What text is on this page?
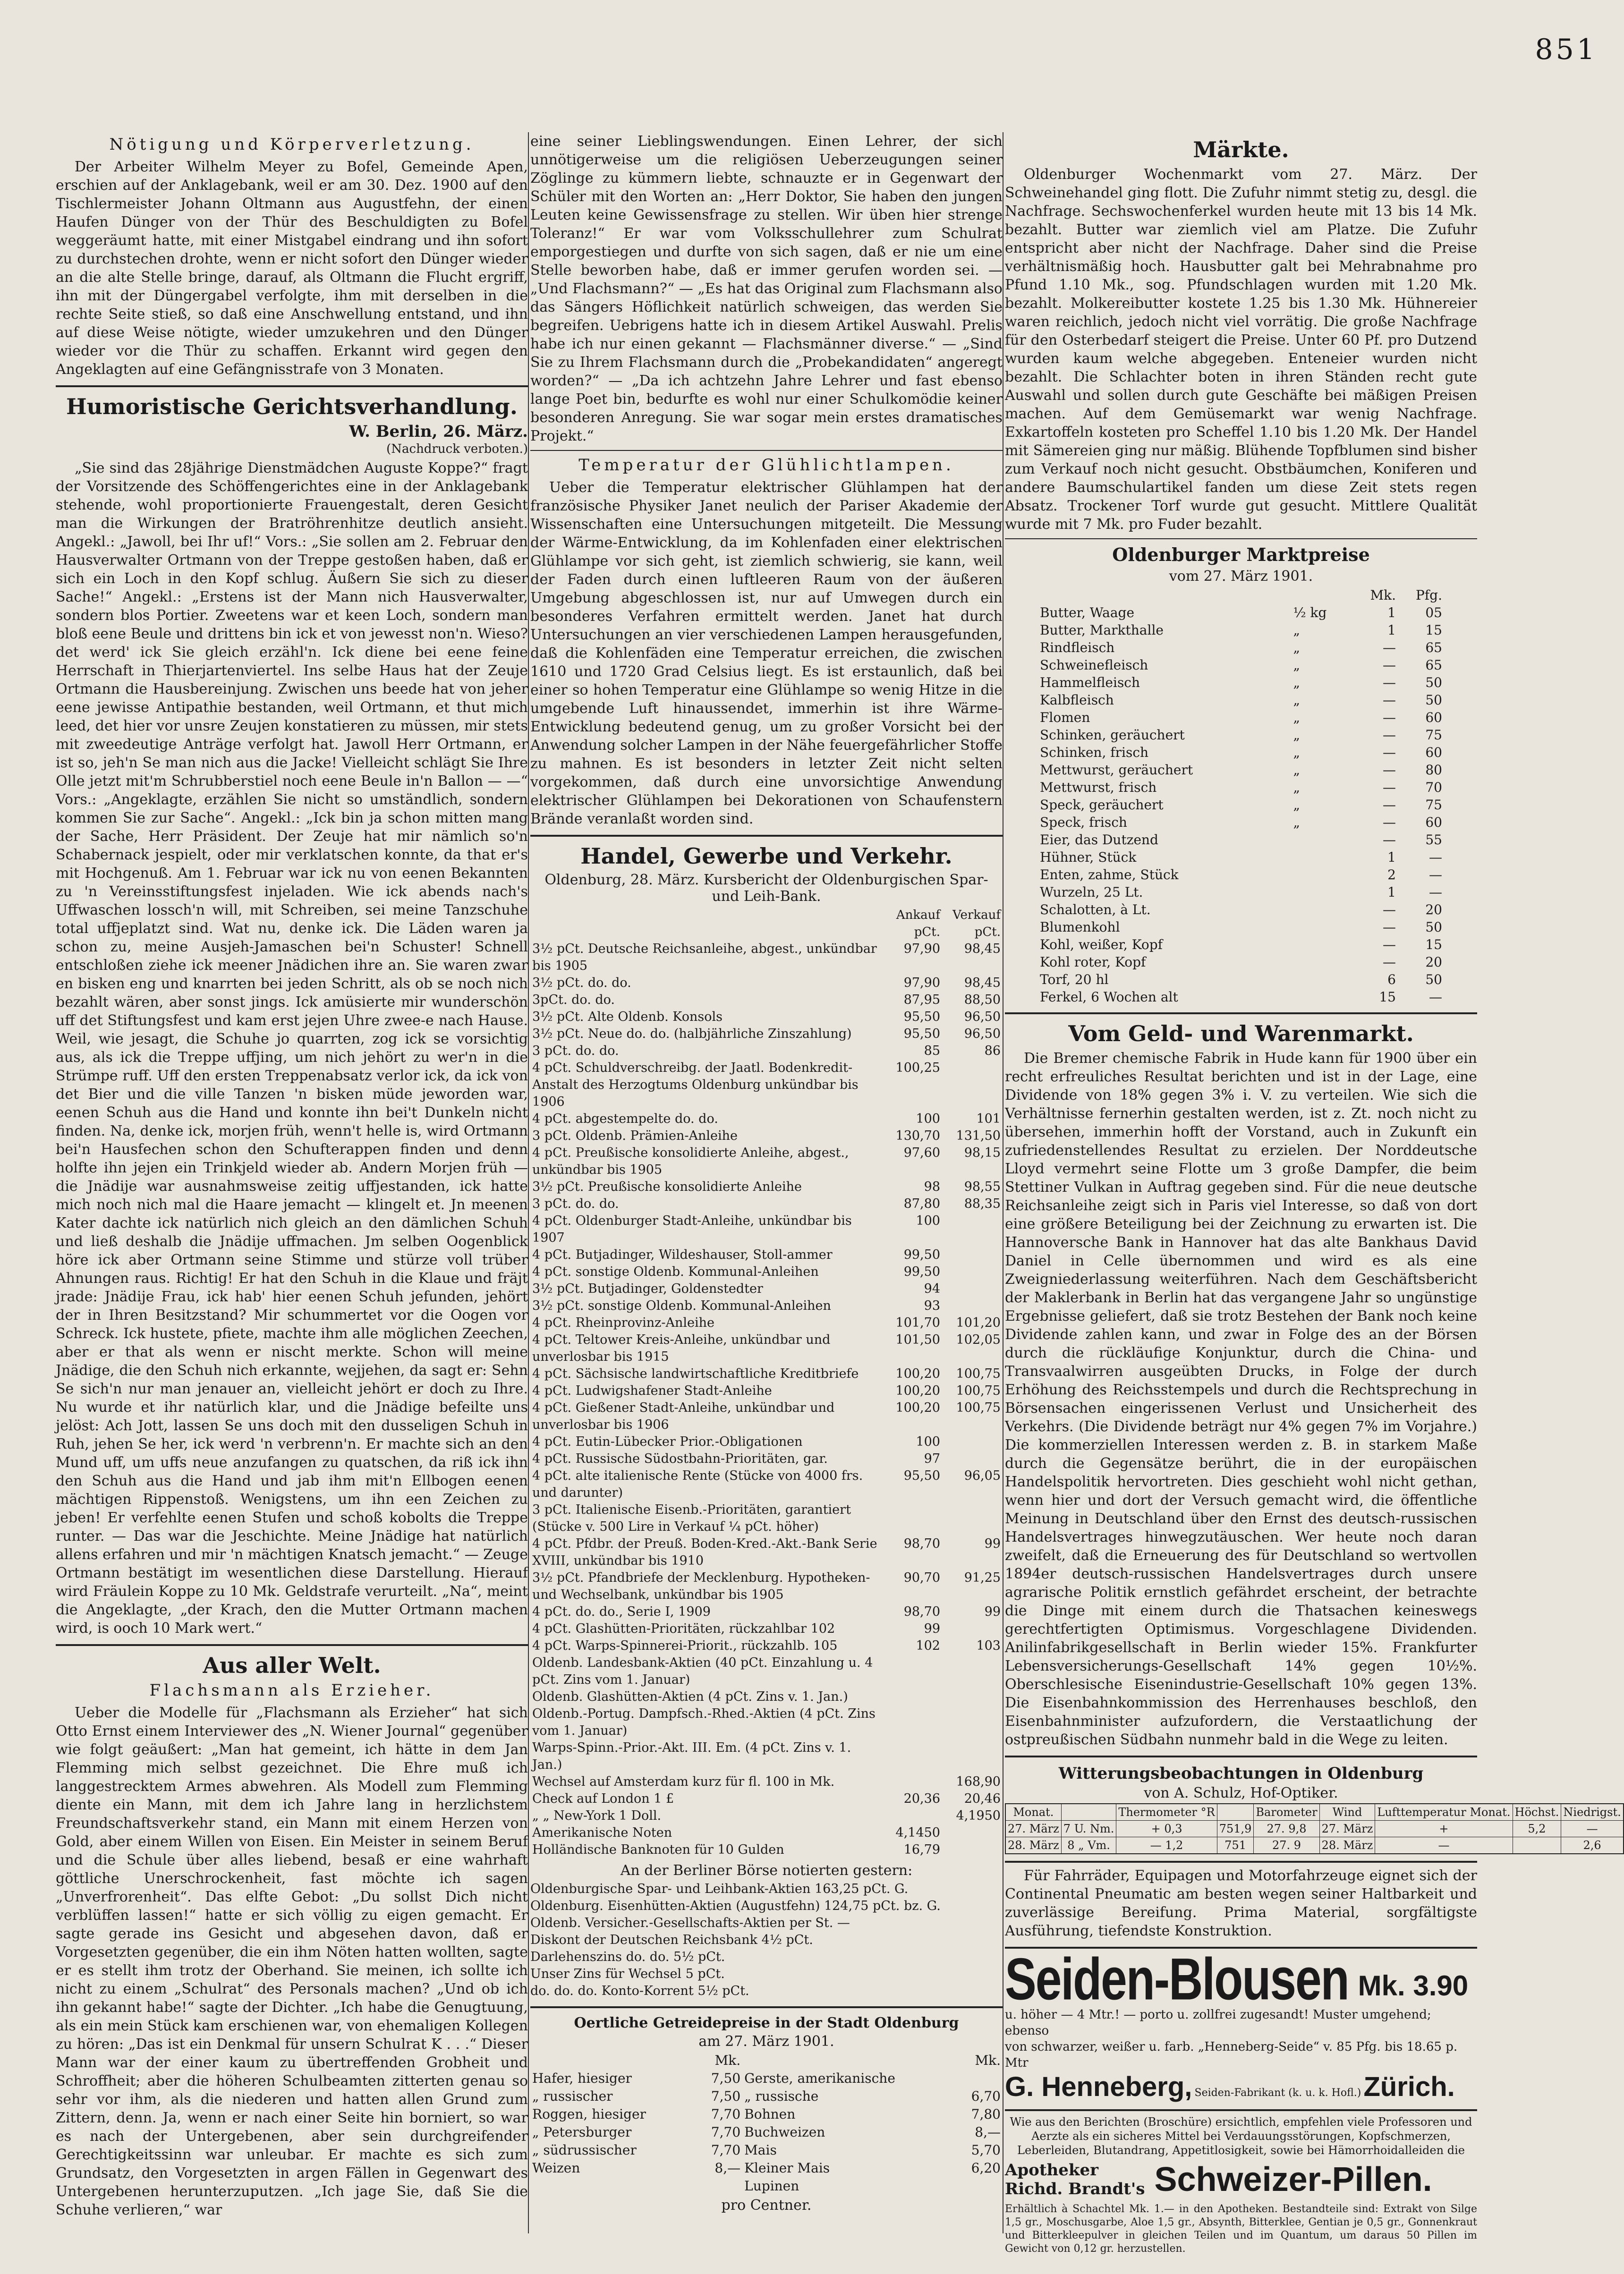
851
Nötigung und Körperverletzung.

Der Arbeiter Wilhelm Meyer zu Bofel, Gemeinde Apen, erschien auf der Anklagebank, weil er am 30. Dez. 1900 auf den Tischlermeister Johann Oltmann aus Augustfehn, der einen Haufen Dünger von der Thür des Beschuldigten zu Bofel weggeräumt hatte, mit einer Mistgabel eindrang und ihn sofort zu durchstechen drohte, wenn er nicht sofort den Dünger wieder an die alte Stelle bringe, darauf, als Oltmann die Flucht ergriff, ihn mit der Düngergabel verfolgte, ihm mit derselben in die rechte Seite stieß, so daß eine Anschwellung entstand, und ihn auf diese Weise nötigte, wieder umzukehren und den Dünger wieder vor die Thür zu schaffen. Erkannt wird gegen den Angeklagten auf eine Gefängnisstrafe von 3 Monaten.

Humoristische Gerichtsverhandlung.
W. Berlin, 26. März.
(Nachdruck verboten.)

„Sie sind das 28jährige Dienstmädchen Auguste Koppe?“ fragt der Vorsitzende des Schöffengerichtes eine in der Anklagebank stehende, wohl proportionierte Frauengestalt, deren Gesicht man die Wirkungen der Bratröhrenhitze deutlich ansieht. Angekl.: „Jawoll, bei Ihr uf!“ Vors.: „Sie sollen am 2. Februar den Hausverwalter Ortmann von der Treppe gestoßen haben, daß er sich ein Loch in den Kopf schlug. Äußern Sie sich zu dieser Sache!“ Angekl.: „Erstens ist der Mann nich Hausverwalter, sondern blos Portier. Zweetens war et keen Loch, sondern man bloß eene Beule und drittens bin ick et von jewesst non'n. Wieso? det werd' ick Sie gleich erzähl'n. Ick diene bei eene feine Herrschaft in Thierjartenviertel. Ins selbe Haus hat der Zeuje Ortmann die Hausbereinjung. Zwischen uns beede hat von jeher eene jewisse Antipathie bestanden, weil Ortmann, et thut mich leed, det hier vor unsre Zeujen konstatieren zu müssen, mir stets mit zweedeutige Anträge verfolgt hat. Jawoll Herr Ortmann, er ist so, jeh'n Se man nich aus die Jacke! Vielleicht schlägt Sie Ihre Olle jetzt mit'm Schrubberstiel noch eene Beule in'n Ballon — —“ Vors.: „Angeklagte, erzählen Sie nicht so umständlich, sondern kommen Sie zur Sache“. Angekl.: „Ick bin ja schon mitten mang der Sache, Herr Präsident. Der Zeuje hat mir nämlich so'n Schabernack jespielt, oder mir verklatschen konnte, da that er's mit Hochgenuß. Am 1. Februar war ick nu von eenen Bekannten zu 'n Vereinsstiftungsfest injeladen. Wie ick abends nach's Uffwaschen lossch'n will, mit Schreiben, sei meine Tanzschuhe total uffjeplatzt sind. Wat nu, denke ick. Die Läden waren ja schon zu, meine Ausjeh-Jamaschen bei'n Schuster! Schnell entschloßen ziehe ick meener Jnädichen ihre an. Sie waren zwar en bisken eng und knarrten bei jeden Schritt, als ob se noch nich bezahlt wären, aber sonst jings. Ick amüsierte mir wunderschön uff det Stiftungsfest und kam erst jejen Uhre zwee-e nach Hause. Weil, wie jesagt, die Schuhe jo quarrten, zog ick se vorsichtig aus, als ick die Treppe uffjing, um nich jehört zu wer'n in die Strümpe ruff. Uff den ersten Treppenabsatz verlor ick, da ick von det Bier und die ville Tanzen 'n bisken müde jeworden war, eenen Schuh aus die Hand und konnte ihn bei't Dunkeln nicht finden. Na, denke ick, morjen früh, wenn't helle is, wird Ortmann bei'n Hausfechen schon den Schufterappen finden und denn holfte ihn jejen ein Trinkjeld wieder ab. Andern Morjen früh — die Jnädije war ausnahmsweise zeitig uffjestanden, ick hatte mich noch nich mal die Haare jemacht — klingelt et. Jn meenen Kater dachte ick natürlich nich gleich an den dämlichen Schuh und ließ deshalb die Jnädije uffmachen. Jm selben Oogenblick höre ick aber Ortmann seine Stimme und stürze voll trüber Ahnungen raus. Richtig! Er hat den Schuh in die Klaue und fräjt jrade: Jnädije Frau, ick hab' hier eenen Schuh jefunden, jehört der in Ihren Besitzstand? Mir schummertet vor die Oogen vor Schreck. Ick hustete, pfiete, machte ihm alle möglichen Zeechen, aber er that als wenn er nischt merkte. Schon will meine Jnädige, die den Schuh nich erkannte, wejjehen, da sagt er: Sehn Se sich'n nur man jenauer an, vielleicht jehört er doch zu Ihre. Nu wurde et ihr natürlich klar, und die Jnädige befeilte uns jelöst: Ach Jott, lassen Se uns doch mit den dusseligen Schuh in Ruh, jehen Se her, ick werd 'n verbrenn'n. Er machte sich an den Mund uff, um uffs neue anzufangen zu quatschen, da riß ick ihn den Schuh aus die Hand und jab ihm mit'n Ellbogen eenen mächtigen Rippenstoß. Wenigstens, um ihn een Zeichen zu jeben! Er verfehlte eenen Stufen und schoß kobolts die Treppe runter. — Das war die Jeschichte. Meine Jnädige hat natürlich allens erfahren und mir 'n mächtigen Knatsch jemacht.“ — Zeuge Ortmann bestätigt im wesentlichen diese Darstellung. Hierauf wird Fräulein Koppe zu 10 Mk. Geldstrafe verurteilt. „Na“, meint die Angeklagte, „der Krach, den die Mutter Ortmann machen wird, is ooch 10 Mark wert.“

Aus aller Welt.
Flachsmann als Erzieher.

Ueber die Modelle für „Flachsmann als Erzieher“ hat sich Otto Ernst einem Interviewer des „N. Wiener Journal“ gegenüber wie folgt geäußert: „Man hat gemeint, ich hätte in dem Jan Flemming mich selbst gezeichnet. Die Ehre muß ich langgestrecktem Armes abwehren. Als Modell zum Flemming diente ein Mann, mit dem ich Jahre lang in herzlichstem Freundschaftsverkehr stand, ein Mann mit einem Herzen von Gold, aber einem Willen von Eisen. Ein Meister in seinem Beruf und die Schule über alles liebend, besaß er eine wahrhaft göttliche Unerschrockenheit, fast möchte ich sagen „Unverfrorenheit“. Das elfte Gebot: „Du sollst Dich nicht verblüffen lassen!“ hatte er sich völlig zu eigen gemacht. Er sagte gerade ins Gesicht und abgesehen davon, daß er Vorgesetzten gegenüber, die ein ihm Nöten hatten wollten, sagte er es stellt ihm trotz der Oberhand. Sie meinen, ich sollte ich nicht zu einem „Schulrat“ des Personals machen? „Und ob ich ihn gekannt habe!“ sagte der Dichter. „Ich habe die Genugtuung, als ein mein Stück kam erschienen war, von ehemaligen Kollegen zu hören: „Das ist ein Denkmal für unsern Schulrat K . . .“ Dieser Mann war der einer kaum zu übertreffenden Grobheit und Schroffheit; aber die höheren Schulbeamten zitterten genau so sehr vor ihm, als die niederen und hatten allen Grund zum Zittern, denn. Ja, wenn er nach einer Seite hin borniert, so war es nach der Untergebenen, aber sein durchgreifender Gerechtigkeitssinn war unleubar. Er machte es sich zum Grundsatz, den Vorgesetzten in argen Fällen in Gegenwart des Untergebenen herunterzuputzen. „Ich jage Sie, daß Sie die Schuhe verlieren,“ war

eine seiner Lieblingswendungen. Einen Lehrer, der sich unnötigerweise um die religiösen Ueberzeugungen seiner Zöglinge zu kümmern liebte, schnauzte er in Gegenwart der Schüler mit den Worten an: „Herr Doktor, Sie haben den jungen Leuten keine Gewissensfrage zu stellen. Wir üben hier strenge Toleranz!“ Er war vom Volksschullehrer zum Schulrat emporgestiegen und durfte von sich sagen, daß er nie um eine Stelle beworben habe, daß er immer gerufen worden sei. — „Und Flachsmann?“ — „Es hat das Original zum Flachsmann also das Sängers Höflichkeit natürlich schweigen, das werden Sie begreifen. Uebrigens hatte ich in diesem Artikel Auswahl. Prelis habe ich nur einen gekannt — Flachsmänner diverse.“ — „Sind Sie zu Ihrem Flachsmann durch die „Probekandidaten“ angeregt worden?“ — „Da ich achtzehn Jahre Lehrer und fast ebenso lange Poet bin, bedurfte es wohl nur einer Schulkomödie keiner besonderen Anregung. Sie war sogar mein erstes dramatisches Projekt.“

Temperatur der Glühlichtlampen.

Ueber die Temperatur elektrischer Glühlampen hat der französische Physiker Janet neulich der Pariser Akademie der Wissenschaften eine Untersuchungen mitgeteilt. Die Messung der Wärme-Entwicklung, da im Kohlenfaden einer elektrischen Glühlampe vor sich geht, ist ziemlich schwierig, sie kann, weil der Faden durch einen luftleeren Raum von der äußeren Umgebung abgeschlossen ist, nur auf Umwegen durch ein besonderes Verfahren ermittelt werden. Janet hat durch Untersuchungen an vier verschiedenen Lampen herausgefunden, daß die Kohlenfäden eine Temperatur erreichen, die zwischen 1610 und 1720 Grad Celsius liegt. Es ist erstaunlich, daß bei einer so hohen Temperatur eine Glühlampe so wenig Hitze in die umgebende Luft hinaussendet, immerhin ist ihre Wärme-Entwicklung bedeutend genug, um zu großer Vorsicht bei der Anwendung solcher Lampen in der Nähe feuergefährlicher Stoffe zu mahnen. Es ist besonders in letzter Zeit nicht selten vorgekommen, daß durch eine unvorsichtige Anwendung elektrischer Glühlampen bei Dekorationen von Schaufenstern Brände veranlaßt worden sind.

Handel, Gewerbe und Verkehr.
Oldenburg, 28. März. Kursbericht der Oldenburgischen Spar- und Leih-Bank.
	Ankauf	Verkauf
	pCt.	pCt.
3½ pCt. Deutsche Reichsanleihe, abgest., unkündbar bis 1905	97,90	98,45
3½ pCt. do. do.	97,90	98,45
3pCt. do. do.	87,95	88,50
3½ pCt. Alte Oldenb. Konsols	95,50	96,50
3½ pCt. Neue do. do. (halbjährliche Zinszahlung)	95,50	96,50
3 pCt. do. do.	85	86
4 pCt. Schuldverschreibg. der Jaatl. Bodenkredit-Anstalt des Herzogtums Oldenburg unkündbar bis 1906	100,25	
4 pCt. abgestempelte do. do.	100	101
3 pCt. Oldenb. Prämien-Anleihe	130,70	131,50
4 pCt. Preußische konsolidierte Anleihe, abgest., unkündbar bis 1905	97,60	98,15
3½ pCt. Preußische konsolidierte Anleihe	98	98,55
3 pCt. do. do.	87,80	88,35
4 pCt. Oldenburger Stadt-Anleihe, unkündbar bis 1907	100	
4 pCt. Butjadinger, Wildeshauser, Stoll-ammer	99,50	
4 pCt. sonstige Oldenb. Kommunal-Anleihen	99,50	
3½ pCt. Butjadinger, Goldenstedter	94	
3½ pCt. sonstige Oldenb. Kommunal-Anleihen	93	
4 pCt. Rheinprovinz-Anleihe	101,70	101,20
4 pCt. Teltower Kreis-Anleihe, unkündbar und unverlosbar bis 1915	101,50	102,05
4 pCt. Sächsische landwirtschaftliche Kreditbriefe	100,20	100,75
4 pCt. Ludwigshafener Stadt-Anleihe	100,20	100,75
4 pCt. Gießener Stadt-Anleihe, unkündbar und unverlosbar bis 1906	100,20	100,75
4 pCt. Eutin-Lübecker Prior.-Obligationen	100	
4 pCt. Russische Südostbahn-Prioritäten, gar.	97	
4 pCt. alte italienische Rente (Stücke von 4000 frs. und darunter)	95,50	96,05
3 pCt. Italienische Eisenb.-Prioritäten, garantiert (Stücke v. 500 Lire in Verkauf ¼ pCt. höher)		
4 pCt. Pfdbr. der Preuß. Boden-Kred.-Akt.-Bank Serie XVIII, unkündbar bis 1910	98,70	99
3½ pCt. Pfandbriefe der Mecklenburg. Hypotheken- und Wechselbank, unkündbar bis 1905	90,70	91,25
4 pCt. do. do., Serie I, 1909	98,70	99
4 pCt. Glashütten-Prioritäten, rückzahlbar 102	99	
4 pCt. Warps-Spinnerei-Priorit., rückzahlb. 105	102	103
Oldenb. Landesbank-Aktien (40 pCt. Einzahlung u. 4 pCt. Zins vom 1. Januar)		
Oldenb. Glashütten-Aktien (4 pCt. Zins v. 1. Jan.)		
Oldenb.-Portug. Dampfsch.-Rhed.-Aktien (4 pCt. Zins vom 1. Januar)		
Warps-Spinn.-Prior.-Akt. III. Em. (4 pCt. Zins v. 1. Jan.)		
Wechsel auf Amsterdam kurz für fl. 100 in Mk.		168,90
Check auf London 1 £	20,36	20,46
„ „ New-York 1 Doll.		4,1950
Amerikanische Noten	4,1450	
Holländische Banknoten für 10 Gulden	16,79	
An der Berliner Börse notierten gestern:
Oldenburgische Spar- und Leihbank-Aktien 163,25 pCt. G.
Oldenburg. Eisenhütten-Aktien (Augustfehn) 124,75 pCt. bz. G.
Oldenb. Versicher.-Gesellschafts-Aktien per St. —
Diskont der Deutschen Reichsbank 4½ pCt.
Darlehenszins do. do. 5½ pCt.
Unser Zins für Wechsel 5 pCt.
do. do. do. Konto-Korrent 5½ pCt.
Oertliche Getreidepreise in der Stadt Oldenburg
am 27. März 1901.
	Mk.		Mk.
Hafer, hiesiger	7,50	Gerste, amerikanische	
„ russischer	7,50	„ russische	6,70
Roggen, hiesiger	7,70	Bohnen	7,80
„ Petersburger	7,70	Buchweizen	8,—
„ südrussischer	7,70	Mais	5,70
Weizen	8,—	Kleiner Mais	6,20
		Lupinen	
pro Centner.
Märkte.

Oldenburger Wochenmarkt vom 27. März. Der Schweinehandel ging flott. Die Zufuhr nimmt stetig zu, desgl. die Nachfrage. Sechswochenferkel wurden heute mit 13 bis 14 Mk. bezahlt. Butter war ziemlich viel am Platze. Die Zufuhr entspricht aber nicht der Nachfrage. Daher sind die Preise verhältnismäßig hoch. Hausbutter galt bei Mehrabnahme pro Pfund 1.10 Mk., sog. Pfundschlagen wurden mit 1.20 Mk. bezahlt. Molkereibutter kostete 1.25 bis 1.30 Mk. Hühnereier waren reichlich, jedoch nicht viel vorrätig. Die große Nachfrage für den Osterbedarf steigert die Preise. Unter 60 Pf. pro Dutzend wurden kaum welche abgegeben. Enteneier wurden nicht bezahlt. Die Schlachter boten in ihren Ständen recht gute Auswahl und sollen durch gute Geschäfte bei mäßigen Preisen machen. Auf dem Gemüsemarkt war wenig Nachfrage. Exkartoffeln kosteten pro Scheffel 1.10 bis 1.20 Mk. Der Handel mit Sämereien ging nur mäßig. Blühende Topfblumen sind bisher zum Verkauf noch nicht gesucht. Obstbäumchen, Koniferen und andere Baumschulartikel fanden um diese Zeit stets regen Absatz. Trockener Torf wurde gut gesucht. Mittlere Qualität wurde mit 7 Mk. pro Fuder bezahlt.

Oldenburger Marktpreise
vom 27. März 1901.
		Mk.	Pfg.
Butter, Waage	½ kg	1	05
Butter, Markthalle	„	1	15
Rindfleisch	„	—	65
Schweinefleisch	„	—	65
Hammelfleisch	„	—	50
Kalbfleisch	„	—	50
Flomen	„	—	60
Schinken, geräuchert	„	—	75
Schinken, frisch	„	—	60
Mettwurst, geräuchert	„	—	80
Mettwurst, frisch	„	—	70
Speck, geräuchert	„	—	75
Speck, frisch	„	—	60
Eier, das Dutzend		—	55
Hühner, Stück		1	—
Enten, zahme, Stück		2	—
Wurzeln, 25 Lt.		1	—
Schalotten, à Lt.		—	20
Blumenkohl		—	50
Kohl, weißer, Kopf		—	15
Kohl roter, Kopf		—	20
Torf, 20 hl		6	50
Ferkel, 6 Wochen alt		15	—
Vom Geld- und Warenmarkt.

Die Bremer chemische Fabrik in Hude kann für 1900 über ein recht erfreuliches Resultat berichten und ist in der Lage, eine Dividende von 18% gegen 3% i. V. zu verteilen. Wie sich die Verhältnisse fernerhin gestalten werden, ist z. Zt. noch nicht zu übersehen, immerhin hofft der Vorstand, auch in Zukunft ein zufriedenstellendes Resultat zu erzielen. Der Norddeutsche Lloyd vermehrt seine Flotte um 3 große Dampfer, die beim Stettiner Vulkan in Auftrag gegeben sind. Für die neue deutsche Reichsanleihe zeigt sich in Paris viel Interesse, so daß von dort eine größere Beteiligung bei der Zeichnung zu erwarten ist. Die Hannoversche Bank in Hannover hat das alte Bankhaus David Daniel in Celle übernommen und wird es als eine Zweigniederlassung weiterführen. Nach dem Geschäftsbericht der Maklerbank in Berlin hat das vergangene Jahr so ungünstige Ergebnisse geliefert, daß sie trotz Bestehen der Bank noch keine Dividende zahlen kann, und zwar in Folge des an der Börsen durch die rückläufige Konjunktur, durch die China- und Transvaalwirren ausgeübten Drucks, in Folge der durch Erhöhung des Reichsstempels und durch die Rechtsprechung in Börsensachen eingerissenen Verlust und Unsicherheit des Verkehrs. (Die Dividende beträgt nur 4% gegen 7% im Vorjahre.) Die kommerziellen Interessen werden z. B. in starkem Maße durch die Gegensätze berührt, die in der europäischen Handelspolitik hervortreten. Dies geschieht wohl nicht gethan, wenn hier und dort der Versuch gemacht wird, die öffentliche Meinung in Deutschland über den Ernst des deutsch-russischen Handelsvertrages hinwegzutäuschen. Wer heute noch daran zweifelt, daß die Erneuerung des für Deutschland so wertvollen 1894er deutsch-russischen Handelsvertrages durch unsere agrarische Politik ernstlich gefährdet erscheint, der betrachte die Dinge mit einem durch die Thatsachen keineswegs gerechtfertigten Optimismus. Vorgeschlagene Dividenden. Anilinfabrikgesellschaft in Berlin wieder 15%. Frankfurter Lebensversicherungs-Gesellschaft 14% gegen 10½%. Oberschlesische Eisenindustrie-Gesellschaft 10% gegen 13%. Die Eisenbahnkommission des Herrenhauses beschloß, den Eisenbahnminister aufzufordern, die Verstaatlichung der ostpreußischen Südbahn nunmehr bald in die Wege zu leiten.

Witterungsbeobachtungen in Oldenburg
von A. Schulz, Hof-Optiker.
Monat.		Thermometer °R		Barometer	Wind	Lufttemperatur Monat.	Höchst.	Niedrigst.
27. März	7 U. Nm.	+ 0,3	751,9	27. 9,8	27. März	+	5,2	—
28. März	8 „ Vm.	— 1,2	751	27. 9	28. März	—		2,6

Für Fahrräder, Equipagen und Motorfahrzeuge eignet sich der Continental Pneumatic am besten wegen seiner Haltbarkeit und zuverlässige Bereifung. Prima Material, sorgfältigste Ausführung, tiefendste Konstruktion.

Seiden-Blousen Mk. 3.90
u. höher — 4 Mtr.! — porto u. zollfrei zugesandt! Muster umgehend; ebenso
von schwarzer, weißer u. farb. „Henneberg-Seide“ v. 85 Pfg. bis 18.65 p. Mtr
G. Henneberg, Seiden-Fabrikant (k. u. k. Hofl.) Zürich.
Wie aus den Berichten (Broschüre) ersichtlich, empfehlen viele Professoren und Aerzte als ein sicheres Mittel bei Verdauungsstörungen, Kopfschmerzen, Leberleiden, Blutandrang, Appetitlosigkeit, sowie bei Hämorrhoidalleiden die
Apotheker
Richd. Brandt's Schweizer-Pillen.
Erhältlich à Schachtel Mk. 1.— in den Apotheken. Bestandteile sind: Extrakt von Silge 1,5 gr., Moschusgarbe, Aloe 1,5 gr., Absynth, Bitterklee, Gentian je 0,5 gr., Gonnenkraut und Bitterkleepulver in gleichen Teilen und im Quantum, um daraus 50 Pillen im Gewicht von 0,12 gr. herzustellen.
